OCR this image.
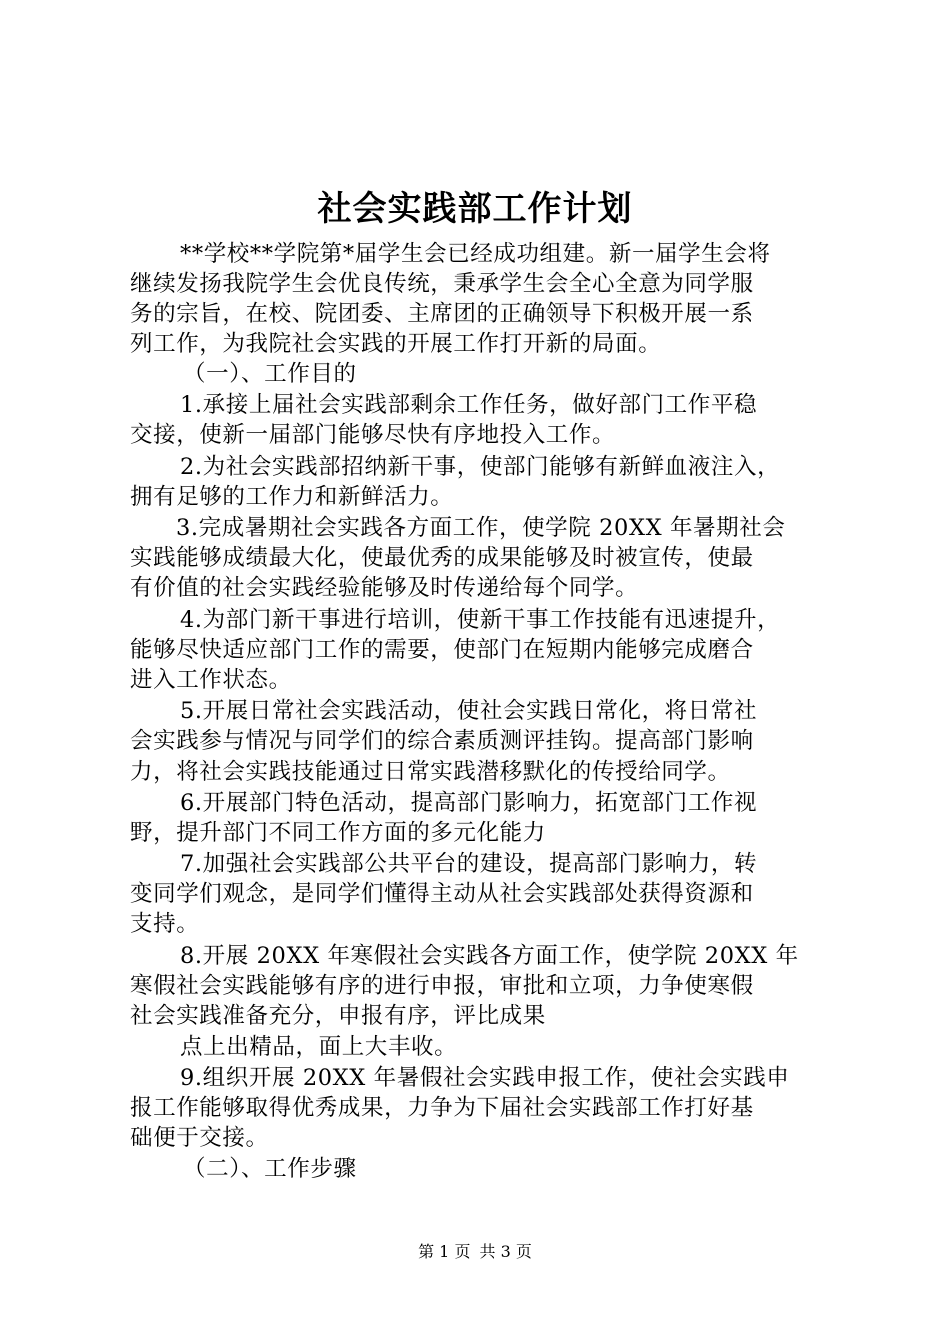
社会实践部工作计划
**学校**学院第*届学生会已经成功组建。新一届学生会将
继续发扬我院学生会优良传统，秉承学生会全心全意为同学服
务的宗旨，在校、院团委、主席团的正确领导下积极开展一系
列工作，为我院社会实践的开展工作打开新的局面。
（一）、工作目的
1.承接上届社会实践部剩余工作任务，做好部门工作平稳
交接，使新一届部门能够尽快有序地投入工作。
2.为社会实践部招纳新干事，使部门能够有新鲜血液注入，
拥有足够的工作力和新鲜活力。
3.完成暑期社会实践各方面工作，使学院 20XX 年暑期社会
实践能够成绩最大化，使最优秀的成果能够及时被宣传，使最
有价值的社会实践经验能够及时传递给每个同学。
4.为部门新干事进行培训，使新干事工作技能有迅速提升，
能够尽快适应部门工作的需要，使部门在短期内能够完成磨合
进入工作状态。
5.开展日常社会实践活动，使社会实践日常化，将日常社
会实践参与情况与同学们的综合素质测评挂钩。提高部门影响
力，将社会实践技能通过日常实践潜移默化的传授给同学。
6.开展部门特色活动，提高部门影响力，拓宽部门工作视
野，提升部门不同工作方面的多元化能力
7.加强社会实践部公共平台的建设，提高部门影响力，转
变同学们观念，是同学们懂得主动从社会实践部处获得资源和
支持。
8.开展 20XX 年寒假社会实践各方面工作，使学院 20XX 年
寒假社会实践能够有序的进行申报，审批和立项，力争使寒假
社会实践准备充分，申报有序，评比成果
点上出精品，面上大丰收。
9.组织开展 20XX 年暑假社会实践申报工作，使社会实践申
报工作能够取得优秀成果，力争为下届社会实践部工作打好基
础便于交接。
（二）、工作步骤
第 1 页 共 3 页
